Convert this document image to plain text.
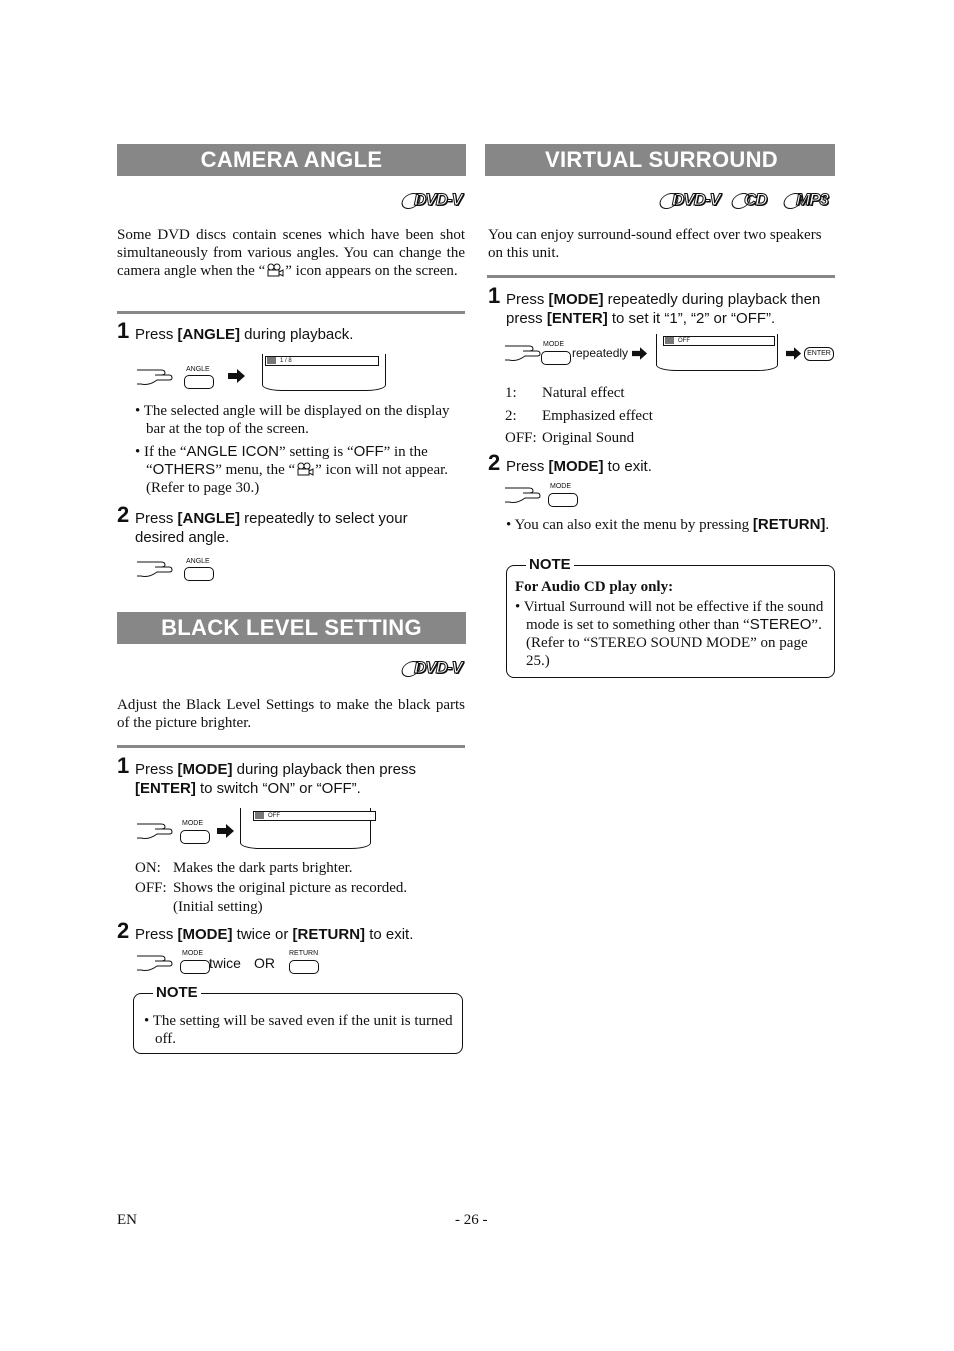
CAMERA ANGLE
DVD-V
Some DVD discs contain scenes which have been shot simultaneously from various angles. You can change the camera angle when the “ ” icon appears on the screen.
1 Press [ANGLE] during playback.
ANGLE
1 / 8
• The selected angle will be displayed on the display bar at the top of the screen.
• If the “ANGLE ICON” setting is “OFF” in the “OTHERS” menu, the “ ” icon will not appear. (Refer to page 30.)
2 Press [ANGLE] repeatedly to select your desired angle.
ANGLE
BLACK LEVEL SETTING
DVD-V
Adjust the Black Level Settings to make the black parts of the picture brighter.
1 Press [MODE] during playback then press [ENTER] to switch “ON” or “OFF”.
MODE
OFF
ON: Makes the dark parts brighter.
OFF: Shows the original picture as recorded.
(Initial setting)
2 Press [MODE] twice or [RETURN] to exit.
MODE
twice OR
RETURN
NOTE
• The setting will be saved even if the unit is turned off.
VIRTUAL SURROUND
DVD-V	CD	MP3
You can enjoy surround-sound effect over two speakers on this unit.
1 Press [MODE] repeatedly during playback then press [ENTER] to set it “1”, “2” or “OFF”.
MODE
repeatedly
OFF
ENTER
1: Natural effect
2: Emphasized effect
OFF: Original Sound
2 Press [MODE] to exit.
MODE
• You can also exit the menu by pressing [RETURN].
NOTE
For Audio CD play only:
• Virtual Surround will not be effective if the sound mode is set to something other than “STEREO”. (Refer to “STEREO SOUND MODE” on page 25.)
EN	- 26 -
